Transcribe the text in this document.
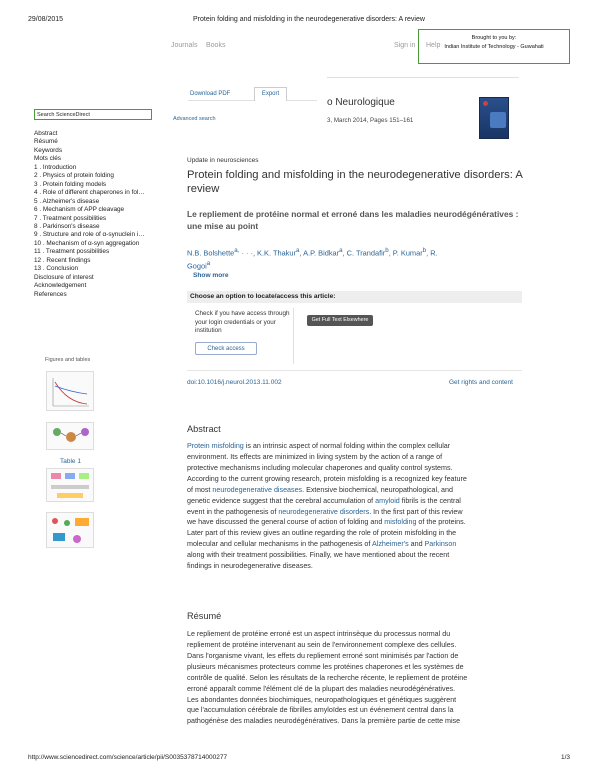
29/08/2015	Protein folding and misfolding in the neurodegenerative disorders: A review
Journals Books	Sign in Help
Brought to you by:
Indian Institute of Technology - Guwahati
Download PDF	Export
Search ScienceDirect
Advanced search
o Neurologique
3, March 2014, Pages 151–161
Abstract
Résumé
Keywords
Mots clés
1 . Introduction
2 . Physics of protein folding
3 . Protein folding models
4 . Role of different chaperones in fol…
5 . Alzheimer's disease
6 . Mechanism of APP cleavage
7 . Treatment possibilities
8 . Parkinson's disease
9 . Structure and role of α-synuclein i…
10 . Mechanism of α-syn aggregation
11 . Treatment possibilities
12 . Recent findings
13 . Conclusion
Disclosure of interest
Acknowledgement
References
Figures and tables
Table 1
Update in neurosciences
Protein folding and misfolding in the neurodegenerative disorders: A review
Le repliement de protéine normal et erroné dans les maladies neurodégénératives : une mise au point
N.B. Bolshette$^{a,}$ · · ·, K.K. Thakur$^a$, A.P. Bidkar$^a$, C. Trandafir$^b$, P. Kumar$^b$, R.
Gogoi$^a$
Show more
Choose an option to locate/access this article:
Check if you have access through your login credentials or your institution
Check access
Get Full Text Elsewhere
doi:10.1016/j.neurol.2013.11.002	Get rights and content
Abstract
Protein misfolding is an intrinsic aspect of normal folding within the complex cellular
environment. Its effects are minimized in living system by the action of a range of
protective mechanisms including molecular chaperones and quality control systems.
According to the current growing research, protein misfolding is a recognized key feature
of most neurodegenerative diseases. Extensive biochemical, neuropathological, and
genetic evidence suggest that the cerebral accumulation of amyloid fibrils is the central
event in the pathogenesis of neurodegenerative disorders. In the first part of this review
we have discussed the general course of action of folding and misfolding of the proteins.
Later part of this review gives an outline regarding the role of protein misfolding in the
molecular and cellular mechanisms in the pathogenesis of Alzheimer's and Parkinson
along with their treatment possibilities. Finally, we have mentioned about the recent
findings in neurodegenerative diseases.
Résumé
Le repliement de protéine erroné est un aspect intrinsèque du processus normal du
repliement de protéine intervenant au sein de l'environnement complexe des cellules.
Dans l'organisme vivant, les effets du repliement erroné sont minimisés par l'action de
plusieurs mécanismes protecteurs comme les protéines chaperones et les systèmes de
contrôle de qualité. Selon les résultats de la recherche récente, le repliement de protéine
erroné apparaît comme l'élément clé de la plupart des maladies neurodégénératives.
Les abondantes données biochimiques, neuropathologiques et génétiques suggèrent
que l'accumulation cérébrale de fibrilles amyloïdes est un événement central dans la
pathogénèse des maladies neurodégénératives. Dans la première partie de cette mise
http://www.sciencedirect.com/science/article/pii/S0035378714000277	1/3
